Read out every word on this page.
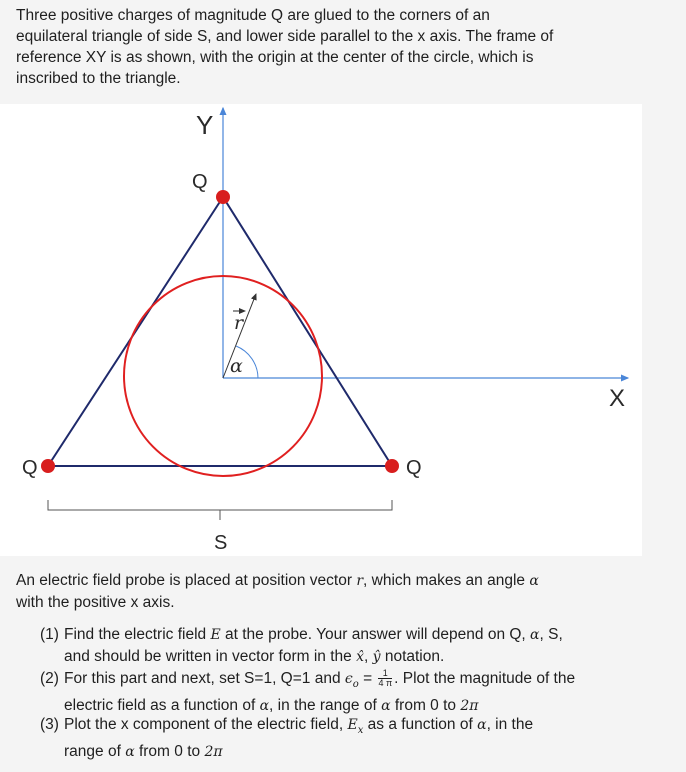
Three positive charges of magnitude Q are glued to the corners of an
equilateral triangle of side S, and lower side parallel to the x axis. The frame of
reference XY is as shown, with the origin at the center of the circle, which is
inscribed to the triangle.

Y
X
Q
Q	Q
r
α
S

An electric field probe is placed at position vector r, which makes an angle α
with the positive x axis.

(1) Find the electric field E at the probe. Your answer will depend on Q, α, S,
and should be written in vector form in the x̂, ŷ notation.

(2) For this part and next, set S=1, Q=1 and $\epsilon_o = \frac{1}{4 \pi}$ . Plot the magnitude of the
electric field as a function of α, in the range of α from 0 to 2π

(3) Plot the x component of the electric field, $E_x$ as a function of α, in the
range of α from 0 to 2π
